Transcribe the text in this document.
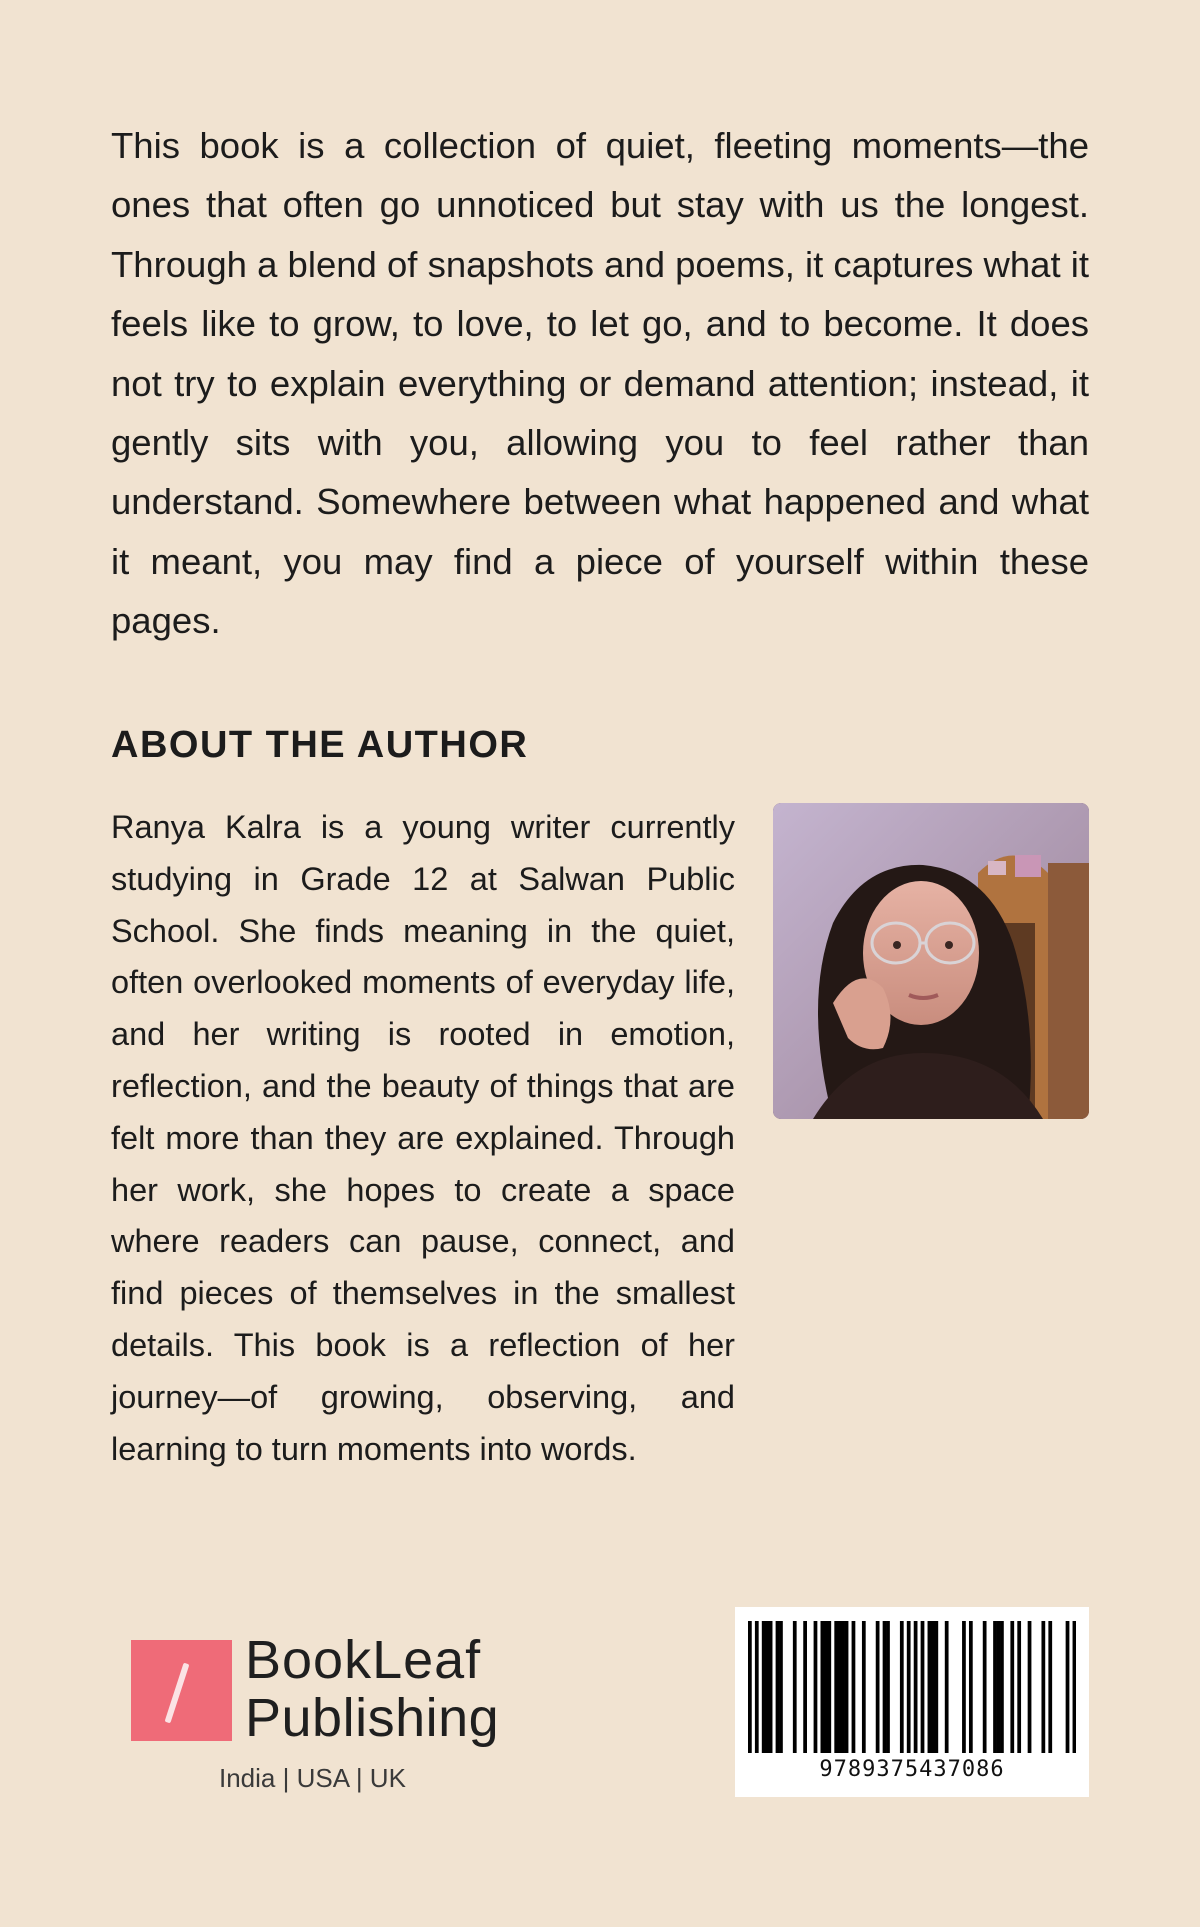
This book is a collection of quiet, fleeting moments—the ones that often go unnoticed but stay with us the longest. Through a blend of snapshots and poems, it captures what it feels like to grow, to love, to let go, and to become. It does not try to explain everything or demand attention; instead, it gently sits with you, allowing you to feel rather than understand. Somewhere between what happened and what it meant, you may find a piece of yourself within these pages.

ABOUT THE AUTHOR

Ranya Kalra is a young writer currently studying in Grade 12 at Salwan Public School. She finds meaning in the quiet, often overlooked moments of everyday life, and her writing is rooted in emotion, reflection, and the beauty of things that are felt more than they are explained. Through her work, she hopes to create a space where readers can pause, connect, and find pieces of themselves in the smallest details. This book is a reflection of her journey—of growing, observing, and learning to turn moments into words.

BookLeaf
Publishing
India | USA | UK	9789375437086
